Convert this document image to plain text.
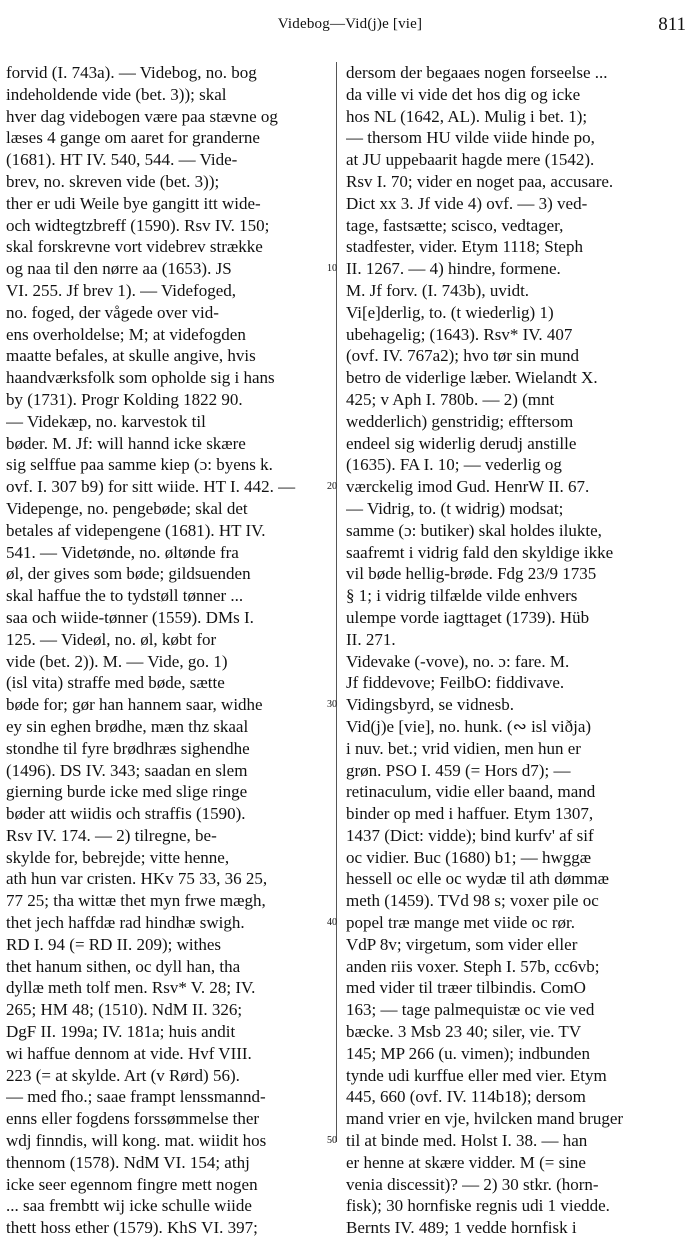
Videbog—Vid(j)e [vie]	811
forvid (I. 743a). — Videbog, no. bog
indeholdende vide (bet. 3)); skal
hver dag videbogen være paa stævne og
læses 4 gange om aaret for granderne
(1681). HT IV. 540, 544. — Vide-
brev, no. skreven vide (bet. 3));
ther er udi Weile bye gangitt itt wide-
och widtegtzbreff (1590). Rsv IV. 150;
skal forskrevne vort videbrev strække
og naa til den nørre aa (1653). JS
VI. 255. Jf brev 1). — Videfoged,
no. foged, der vågede over vid-
ens overholdelse; M; at videfogden
maatte befales, at skulle angive, hvis
haandværksfolk som opholde sig i hans
by (1731). Progr Kolding 1822 90.
— Videkæp, no. karvestok til
bøder. M. Jf: will hannd icke skære
sig selffue paa samme kiep (ɔ: byens k.
ovf. I. 307 b9) for sitt wiide. HT I. 442. —
Videpenge, no. pengebøde; skal det
betales af videpengene (1681). HT IV.
541. — Videtønde, no. øltønde fra
øl, der gives som bøde; gildsuenden
skal haffue the to tydstøll tønner ...
saa och wiide-tønner (1559). DMs I.
125. — Videøl, no. øl, købt for
vide (bet. 2)). M. — Vide, go. 1)
(isl vita) straffe med bøde, sætte
bøde for; gør han hannem saar, widhe
ey sin eghen brødhe, mæn thz skaal
stondhe til fyre brødhræs sighendhe
(1496). DS IV. 343; saadan en slem
gierning burde icke med slige ringe
bøder att wiidis och straffis (1590).
Rsv IV. 174. — 2) tilregne, be-
skylde for, bebrejde; vitte henne,
ath hun var cristen. HKv 75 33, 36 25,
77 25; tha wittæ thet myn frwe mægh,
thet jech haffdæ rad hindhæ swigh.
RD I. 94 (= RD II. 209); withes
thet hanum sithen, oc dyll han, tha
dyllæ meth tolf men. Rsv* V. 28; IV.
265; HM 48; (1510). NdM II. 326;
DgF II. 199a; IV. 181a; huis andit
wi haffue dennom at vide. Hvf VIII.
223 (= at skylde. Art (v Rørd) 56).
— med fho.; saae frampt lenssmannd-
enns eller fogdens forssømmelse ther
wdj finndis, will kong. mat. wiidit hos
thennom (1578). NdM VI. 154; athj
icke seer egennom fingre mett nogen
... saa frembtt wij icke schulle wiide
thett hoss ether (1579). KhS VI. 397;
dersom der begaaes nogen forseelse ...
da ville vi vide det hos dig og icke
hos NL (1642, AL). Mulig i bet. 1);
— thersom HU vilde viide hinde po,
at JU uppebaarit hagde mere (1542).
Rsv I. 70; vider en noget paa, accusare.
Dict xx 3. Jf vide 4) ovf. — 3) ved-
tage, fastsætte; scisco, vedtager,
stadfester, vider. Etym 1118; Steph
II. 1267. — 4) hindre, formene.
M. Jf forv. (I. 743b), uvidt.
Vi[e]derlig, to. (t wiederlig) 1)
ubehagelig; (1643). Rsv* IV. 407
(ovf. IV. 767a2); hvo tør sin mund
betro de viderlige læber. Wielandt X.
425; v Aph I. 780b. — 2) (mnt
wedderlich) genstridig; efftersom
endeel sig widerlig derudj anstille
(1635). FA I. 10; — vederlig og
værckelig imod Gud. HenrW II. 67.
— Vidrig, to. (t widrig) modsat;
samme (ɔ: butiker) skal holdes ilukte,
saafremt i vidrig fald den skyldige ikke
vil bøde hellig-brøde. Fdg 23/9 1735
§ 1; i vidrig tilfælde vilde enhvers
ulempe vorde iagttaget (1739). Hüb
II. 271.
Videvake (-vove), no. ɔ: fare. M.
Jf fiddevove; FeilbO: fiddivave.
Vidingsbyrd, se vidnesb.
Vid(j)e [vie], no. hunk. (∾ isl viðja)
i nuv. bet.; vrid vidien, men hun er
grøn. PSO I. 459 (= Hors d7); —
retinaculum, vidie eller baand, mand
binder op med i haffuer. Etym 1307,
1437 (Dict: vidde); bind kurfv' af sif
oc vidier. Buc (1680) b1; — hwggæ
hessell oc elle oc wydæ til ath dømmæ
meth (1459). TVd 98 s; voxer pile oc
popel træ mange met viide oc rør.
VdP 8v; virgetum, som vider eller
anden riis voxer. Steph I. 57b, cc6vb;
med vider til træer tilbindis. ComO
163; — tage palmequistæ oc vie ved
bæcke. 3 Msb 23 40; siler, vie. TV
145; MP 266 (u. vimen); indbunden
tynde udi kurffue eller med vier. Etym
445, 660 (ovf. IV. 114b18); dersom
mand vrier en vje, hvilcken mand bruger
til at binde med. Holst I. 38. — han
er henne at skære vidder. M (= sine
venia discessit)? — 2) 30 stkr. (horn-
fisk); 30 hornfiske regnis udi 1 viedde.
Bernts IV. 489; 1 vedde hornfisk i
10
20
30
40
50
